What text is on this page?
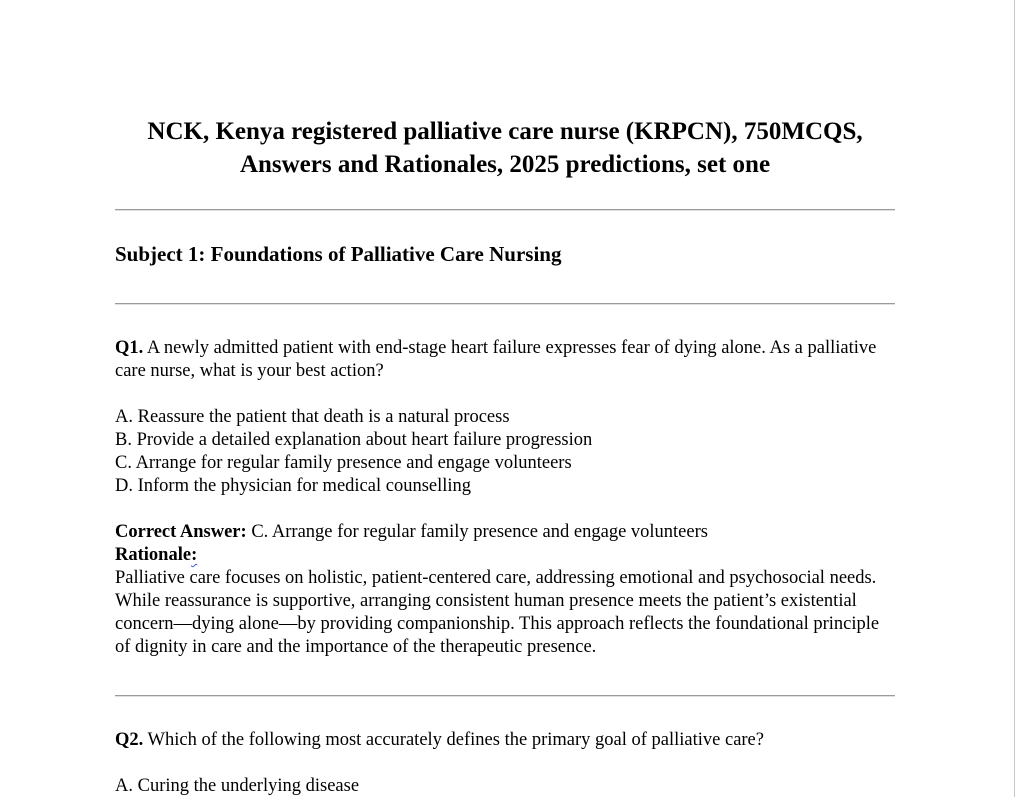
NCK, Kenya registered palliative care nurse (KRPCN), 750MCQS,
Answers and Rationales, 2025 predictions, set one
Subject 1: Foundations of Palliative Care Nursing

Q1. A newly admitted patient with end-stage heart failure expresses fear of dying alone. As a palliative care nurse, what is your best action?

A. Reassure the patient that death is a natural process
B. Provide a detailed explanation about heart failure progression
C. Arrange for regular family presence and engage volunteers
D. Inform the physician for medical counselling

Correct Answer: C. Arrange for regular family presence and engage volunteers
Rationale:
Palliative care focuses on holistic, patient-centered care, addressing emotional and psychosocial needs. While reassurance is supportive, arranging consistent human presence meets the patient’s existential concern—dying alone—by providing companionship. This approach reflects the foundational principle of dignity in care and the importance of the therapeutic presence.

Q2. Which of the following most accurately defines the primary goal of palliative care?

A. Curing the underlying disease
